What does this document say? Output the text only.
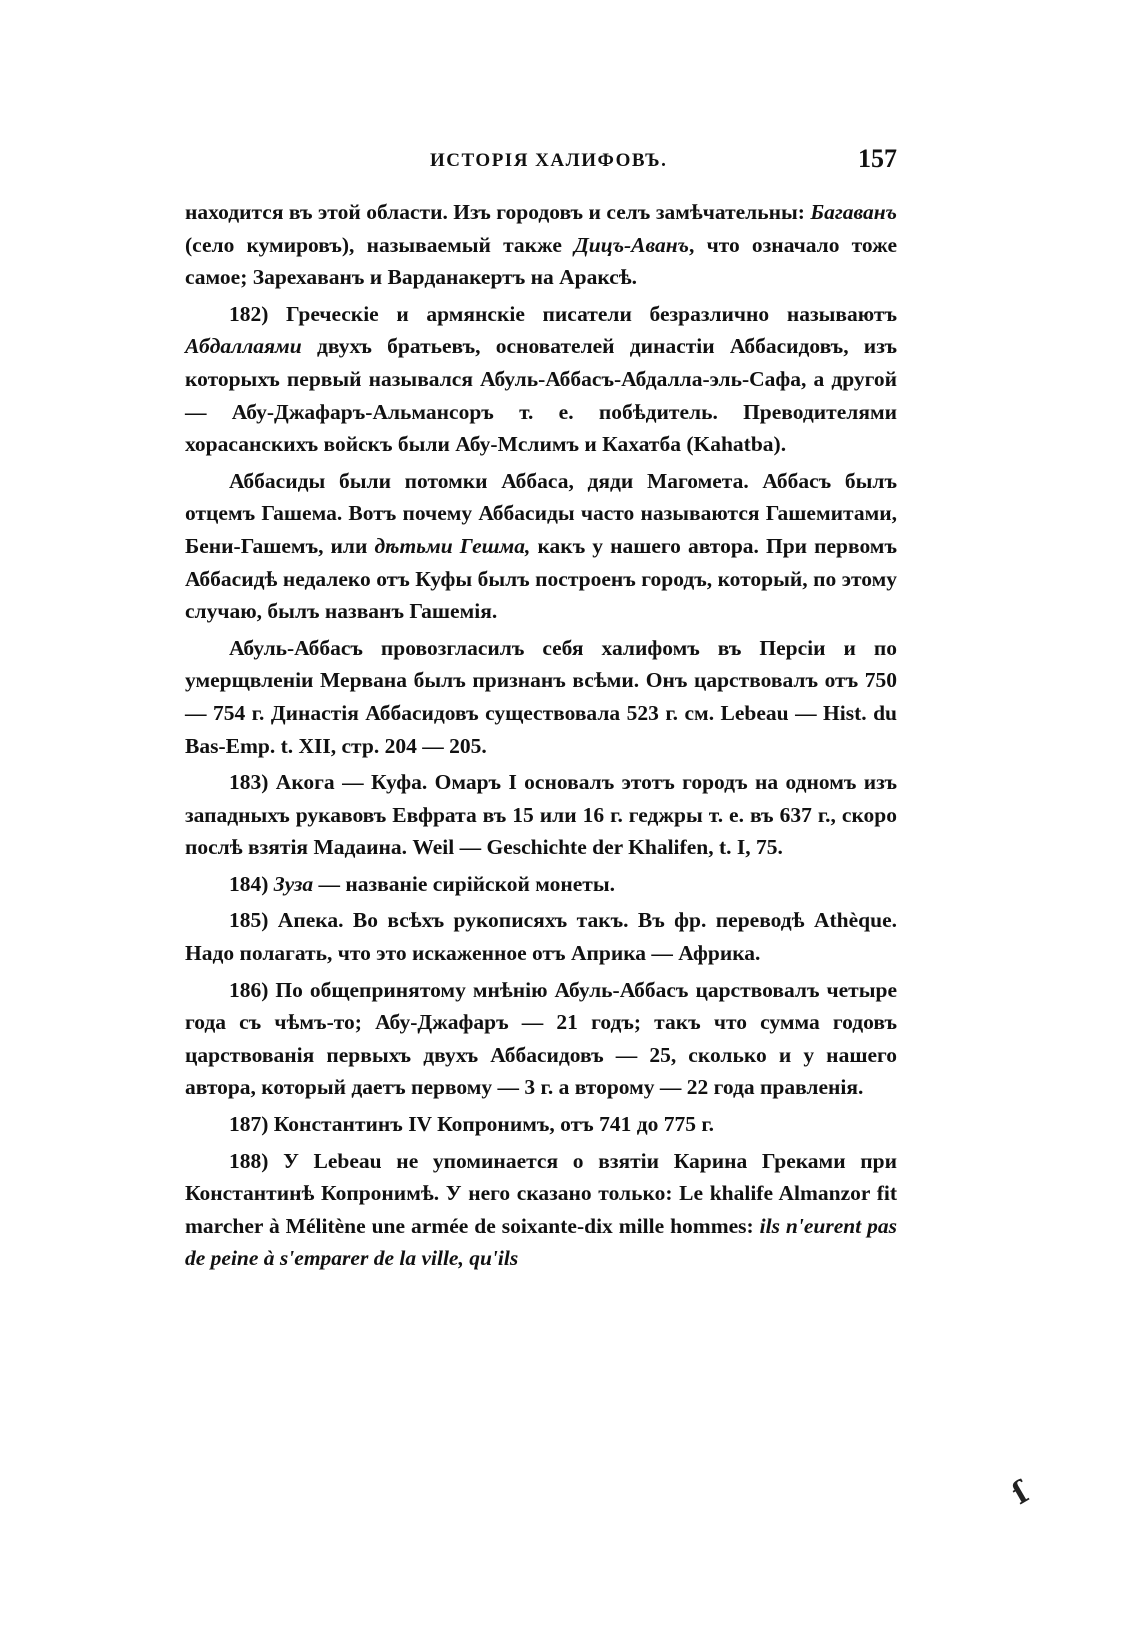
ИСТОРІЯ ХАЛИФОВЪ.	157

находится въ этой области. Изъ городовъ и селъ замѣчательны: Багаванъ (село кумировъ), называемый также Дицъ-Аванъ, что означало тоже самое; Зарехаванъ и Варданакертъ на Араксѣ.

182) Греческіе и армянскіе писатели безразлично называютъ Абдаллаями двухъ братьевъ, основателей династіи Аббасидовъ, изъ которыхъ первый назывался Абуль-Аббасъ-Абдалла-эль-Сафа, а другой — Абу-Джафаръ-Альмансоръ т. е. побѣдитель. Преводителями хорасанскихъ войскъ были Абу-Мслимъ и Кахатба (Kahatba).

Аббасиды были потомки Аббаса, дяди Магомета. Аббасъ былъ отцемъ Гашема. Вотъ почему Аббасиды часто называются Гашемитами, Бени-Гашемъ, или дѣтьми Гешма, какъ у нашего автора. При первомъ Аббасидѣ недалеко отъ Куфы былъ построенъ городъ, который, по этому случаю, былъ названъ Гашемія.

Абуль-Аббасъ провозгласилъ себя халифомъ въ Персіи и по умерщвленіи Мервана былъ признанъ всѣми. Онъ царствовалъ отъ 750 — 754 г. Династія Аббасидовъ существовала 523 г. см. Lebeau — Hist. du Bas-Emp. t. XII, стр. 204 — 205.

183) Акога — Куфа. Омаръ I основалъ этотъ городъ на одномъ изъ западныхъ рукавовъ Евфрата въ 15 или 16 г. геджры т. е. въ 637 г., скоро послѣ взятія Мадаина. Weil — Geschichte der Khalifen, t. I, 75.

184) Зуза — названіе сирійской монеты.

185) Апека. Во всѣхъ рукописяхъ такъ. Въ фр. переводѣ Athèque. Надо полагать, что это искаженное отъ Априка — Африка.

186) По общепринятому мнѣнію Абуль-Аббасъ царствовалъ четыре года съ чѣмъ-то; Абу-Джафаръ — 21 годъ; такъ что сумма годовъ царствованія первыхъ двухъ Аббасидовъ — 25, сколько и у нашего автора, который даетъ первому — 3 г. а второму — 22 года правленія.

187) Константинъ IV Копронимъ, отъ 741 до 775 г.

188) У Lebeau не упоминается о взятіи Карина Греками при Константинѣ Копронимѣ. У него сказано только: Le khalife Almanzor fit marcher à Mélitène une armée de soixante-dix mille hommes: ils n'eurent pas de peine à s'emparer de la ville, qu'ils

ſ
